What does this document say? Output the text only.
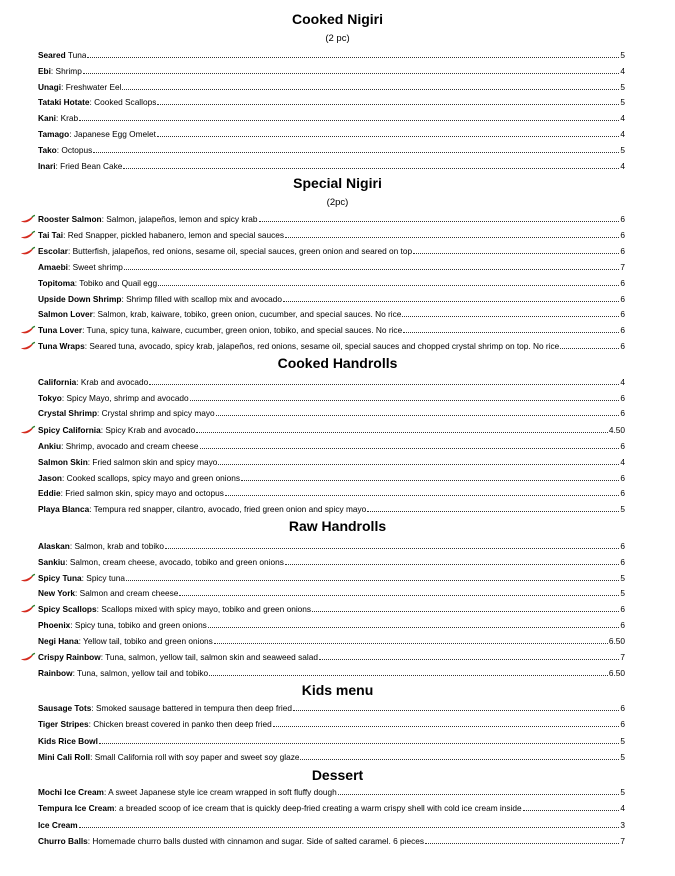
Cooked Nigiri
(2 pc)
Seared Tuna	5
Ebi: Shrimp	4
Unagi: Freshwater Eel	5
Tataki Hotate: Cooked Scallops	5
Kani: Krab	4
Tamago: Japanese Egg Omelet	4
Tako: Octopus	5
Inari: Fried Bean Cake	4
Special Nigiri
(2pc)
Rooster Salmon: Salmon, jalapeños, lemon and spicy krab	6
Tai Tai: Red Snapper, pickled habanero, lemon and special sauces	6
Escolar: Butterfish, jalapeños, red onions, sesame oil, special sauces, green onion and seared on top	6
Amaebi: Sweet shrimp	7
Topitoma: Tobiko and Quail egg	6
Upside Down Shrimp: Shrimp filled with scallop mix and avocado	6
Salmon Lover: Salmon, krab, kaiware, tobiko, green onion, cucumber, and special sauces. No rice	6
Tuna Lover: Tuna, spicy tuna, kaiware, cucumber, green onion, tobiko, and special sauces. No rice	6
Tuna Wraps: Seared tuna, avocado, spicy krab, jalapeños, red onions, sesame oil, special sauces and chopped crystal shrimp on top. No rice	6
Cooked Handrolls
California: Krab and avocado	4
Tokyo: Spicy Mayo, shrimp and avocado	6
Crystal Shrimp: Crystal shrimp and spicy mayo	6
Spicy California: Spicy Krab and avocado	4.50
Ankiu: Shrimp, avocado and cream cheese	6
Salmon Skin: Fried salmon skin and spicy mayo	4
Jason: Cooked scallops, spicy mayo and green onions	6
Eddie: Fried salmon skin, spicy mayo and octopus	6
Playa Blanca: Tempura red snapper, cilantro, avocado, fried green onion and spicy mayo	5
Raw Handrolls
Alaskan: Salmon, krab and tobiko	6
Sankiu: Salmon, cream cheese, avocado, tobiko and green onions	6
Spicy Tuna: Spicy tuna	5
New York: Salmon and cream cheese	5
Spicy Scallops: Scallops mixed with spicy mayo, tobiko and green onions	6
Phoenix: Spicy tuna, tobiko and green onions	6
Negi Hana: Yellow tail, tobiko and green onions	6.50
Crispy Rainbow: Tuna, salmon, yellow tail, salmon skin and seaweed salad	7
Rainbow: Tuna, salmon, yellow tail and tobiko	6.50
Kids menu
Sausage Tots: Smoked sausage battered in tempura then deep fried	6
Tiger Stripes: Chicken breast covered in panko then deep fried	6
Kids Rice Bowl	5
Mini Cali Roll: Small California roll with soy paper and sweet soy glaze	5
Dessert
Mochi Ice Cream: A sweet Japanese style ice cream wrapped in soft fluffy dough	5
Tempura Ice Cream: a breaded scoop of ice cream that is quickly deep-fried creating a warm crispy shell with cold ice cream inside	4
Ice Cream	3
Churro Balls: Homemade churro balls dusted with cinnamon and sugar. Side of salted caramel. 6 pieces	7
